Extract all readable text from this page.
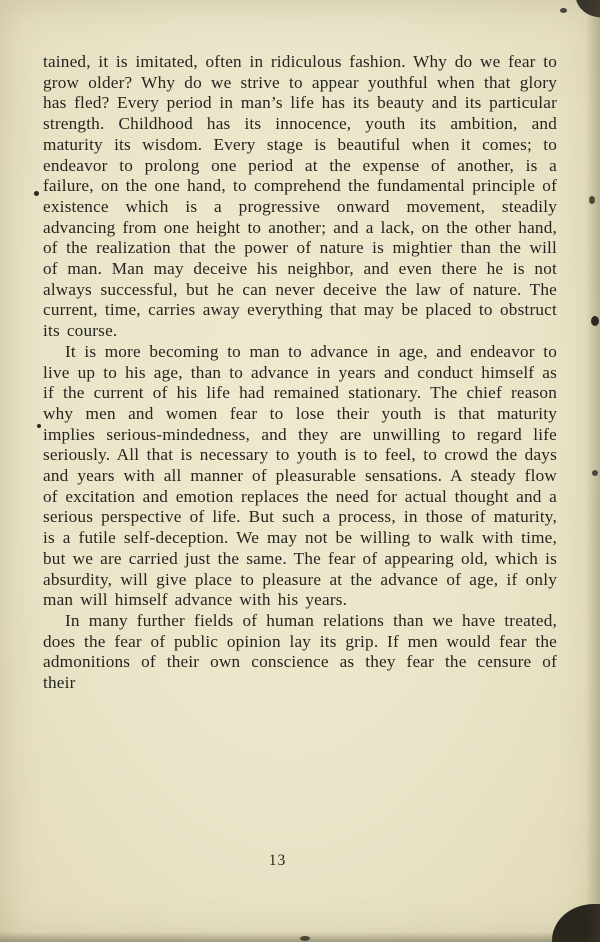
tained, it is imitated, often in ridiculous fashion. Why do we fear to grow older? Why do we strive to appear youthful when that glory has fled? Every period in man’s life has its beauty and its particular strength. Childhood has its innocence, youth its ambition, and maturity its wisdom. Every stage is beautiful when it comes; to endeavor to prolong one period at the expense of another, is a failure, on the one hand, to comprehend the fundamental principle of existence which is a progressive onward movement, steadily advancing from one height to another; and a lack, on the other hand, of the realization that the power of nature is mightier than the will of man. Man may deceive his neighbor, and even there he is not always successful, but he can never deceive the law of nature. The current, time, carries away everything that may be placed to obstruct its course.

It is more becoming to man to advance in age, and endeavor to live up to his age, than to advance in years and conduct himself as if the current of his life had remained stationary. The chief reason why men and women fear to lose their youth is that maturity implies serious-mindedness, and they are unwilling to regard life seriously. All that is necessary to youth is to feel, to crowd the days and years with all manner of pleasurable sensations. A steady flow of excitation and emotion replaces the need for actual thought and a serious perspective of life. But such a process, in those of maturity, is a futile self-deception. We may not be willing to walk with time, but we are carried just the same. The fear of appearing old, which is absurdity, will give place to pleasure at the advance of age, if only man will himself advance with his years.

In many further fields of human relations than we have treated, does the fear of public opinion lay its grip. If men would fear the admonitions of their own conscience as they fear the censure of their

13
